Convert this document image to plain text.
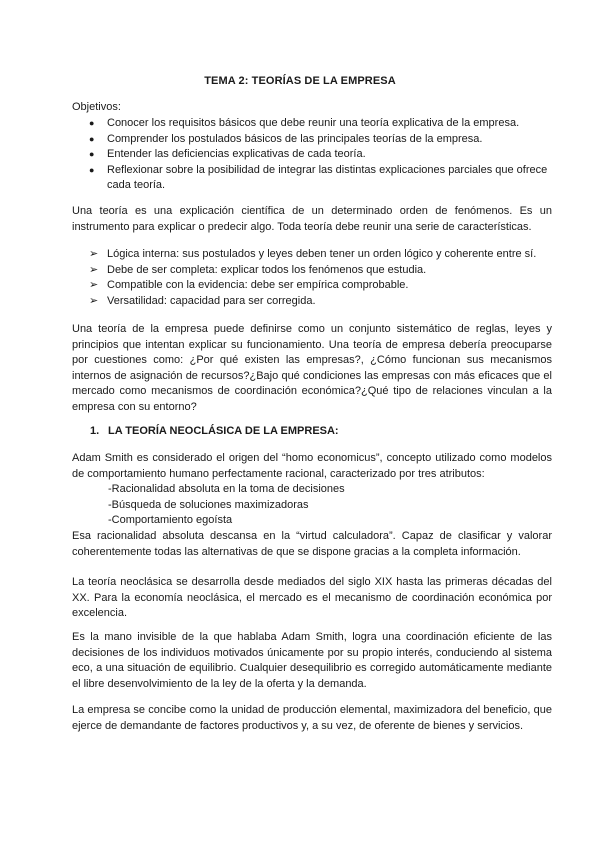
TEMA 2: TEORÍAS DE LA EMPRESA

Objetivos:

● Conocer los requisitos básicos que debe reunir una teoría explicativa de la empresa.
● Comprender los postulados básicos de las principales teorías de la empresa.
● Entender las deficiencias explicativas de cada teoría.
● Reflexionar sobre la posibilidad de integrar las distintas explicaciones parciales que ofrece cada teoría.

Una teoría es una explicación científica de un determinado orden de fenómenos. Es un instrumento para explicar o predecir algo. Toda teoría debe reunir una serie de características.

➢ Lógica interna: sus postulados y leyes deben tener un orden lógico y coherente entre sí.
➢ Debe de ser completa: explicar todos los fenómenos que estudia.
➢ Compatible con la evidencia: debe ser empírica comprobable.
➢ Versatilidad: capacidad para ser corregida.

Una teoría de la empresa puede definirse como un conjunto sistemático de reglas, leyes y principios que intentan explicar su funcionamiento. Una teoría de empresa debería preocuparse por cuestiones como: ¿Por qué existen las empresas?, ¿Cómo funcionan sus mecanismos internos de asignación de recursos?¿Bajo qué condiciones las empresas con más eficaces que el mercado como mecanismos de coordinación económica?¿Qué tipo de relaciones vinculan a la empresa con su entorno?

1. LA TEORÍA NEOCLÁSICA DE LA EMPRESA:

Adam Smith es considerado el origen del “homo economicus”, concepto utilizado como modelos de comportamiento humano perfectamente racional, caracterizado por tres atributos:

-Racionalidad absoluta en la toma de decisiones
-Búsqueda de soluciones maximizadoras
-Comportamiento egoísta

Esa racionalidad absoluta descansa en la “virtud calculadora”. Capaz de clasificar y valorar coherentemente todas las alternativas de que se dispone gracias a la completa información.

La teoría neoclásica se desarrolla desde mediados del siglo XIX hasta las primeras décadas del XX. Para la economía neoclásica, el mercado es el mecanismo de coordinación económica por excelencia.

Es la mano invisible de la que hablaba Adam Smith, logra una coordinación eficiente de las decisiones de los individuos motivados únicamente por su propio interés, conduciendo al sistema eco, a una situación de equilibrio. Cualquier desequilibrio es corregido automáticamente mediante el libre desenvolvimiento de la ley de la oferta y la demanda.

La empresa se concibe como la unidad de producción elemental, maximizadora del beneficio, que ejerce de demandante de factores productivos y, a su vez, de oferente de bienes y servicios.
